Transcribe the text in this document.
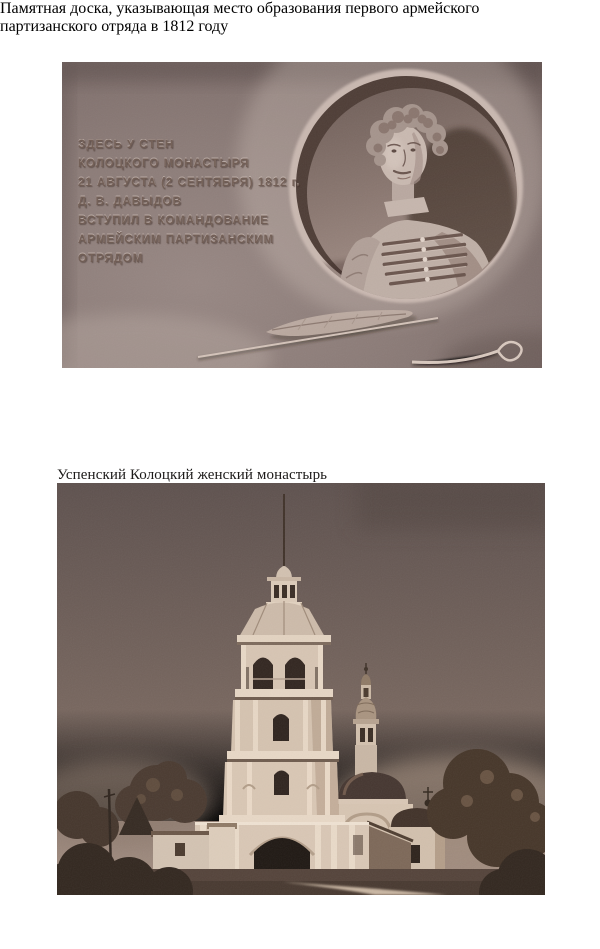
ЗДЕСЬ У СТЕН
КОЛОЦКОГО МОНАСТЫРЯ
21 АВГУСТА (2 СЕНТЯБРЯ) 1812 г.
Д. В. ДАВЫДОВ
ВСТУПИЛ В КОМАНДОВАНИЕ
АРМЕЙСКИМ ПАРТИЗАНСКИМ
ОТРЯДОМ

Памятная доска, указывающая место образования первого армейского
партизанского отряда в 1812 году

Успенский Колоцкий женский монастырь
